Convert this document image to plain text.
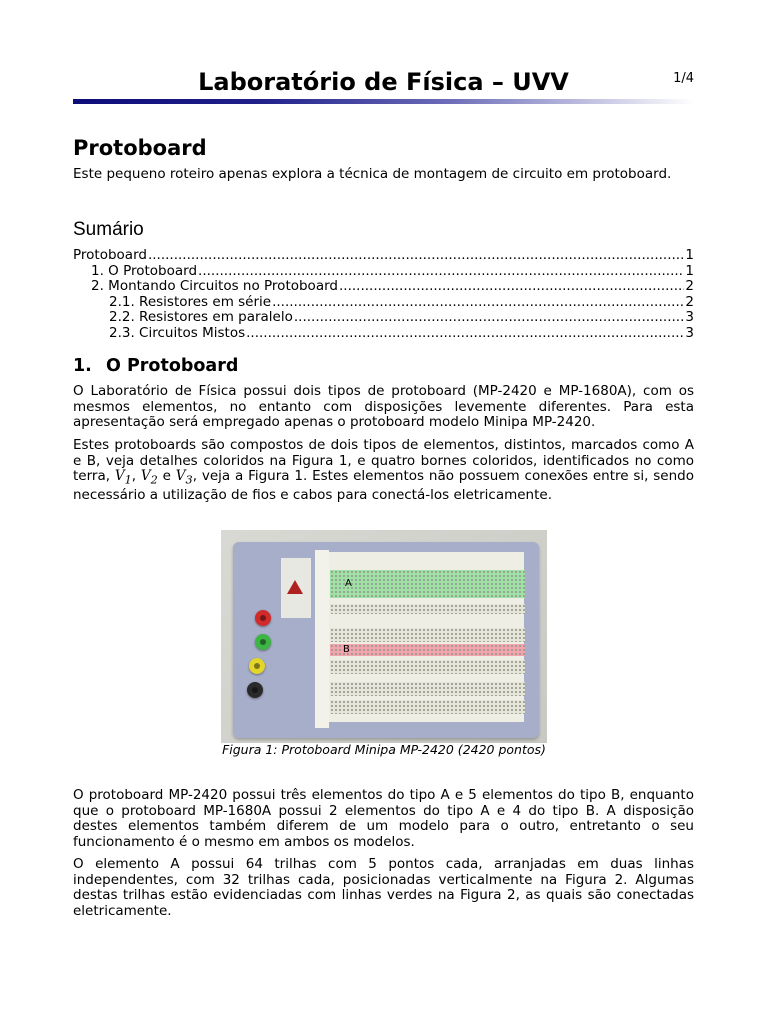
Laboratório de Física – UVV	1/4
Protoboard

Este pequeno roteiro apenas explora a técnica de montagem de circuito em protoboard.

Sumário
Protoboard .....	1
1. O Protoboard .....	1
2. Montando Circuitos no Protoboard .....	2
2.1. Resistores em série .....	2
2.2. Resistores em paralelo .....	3
2.3. Circuitos Mistos .....	3
1. O Protoboard

O Laboratório de Física possui dois tipos de protoboard (MP-2420 e MP-1680A), com os mesmos elementos, no entanto com disposições levemente diferentes. Para esta apresentação será empregado apenas o protoboard modelo Minipa MP-2420.

Estes protoboards são compostos de dois tipos de elementos, distintos, marcados como A e B, veja detalhes coloridos na Figura 1, e quatro bornes coloridos, identificados no como terra, $V_1$, $V_2$ e $V_3$, veja a Figura 1. Estes elementos não possuem conexões entre si, sendo necessário a utilização de fios e cabos para conectá-los eletricamente.

A
B
Figura 1: Protoboard Minipa MP-2420 (2420 pontos)

O protoboard MP-2420 possui três elementos do tipo A e 5 elementos do tipo B, enquanto que o protoboard MP-1680A possui 2 elementos do tipo A e 4 do tipo B. A disposição destes elementos também diferem de um modelo para o outro, entretanto o seu funcionamento é o mesmo em ambos os modelos.

O elemento A possui 64 trilhas com 5 pontos cada, arranjadas em duas linhas independentes, com 32 trilhas cada, posicionadas verticalmente na Figura 2. Algumas destas trilhas estão evidenciadas com linhas verdes na Figura 2, as quais são conectadas eletricamente.
